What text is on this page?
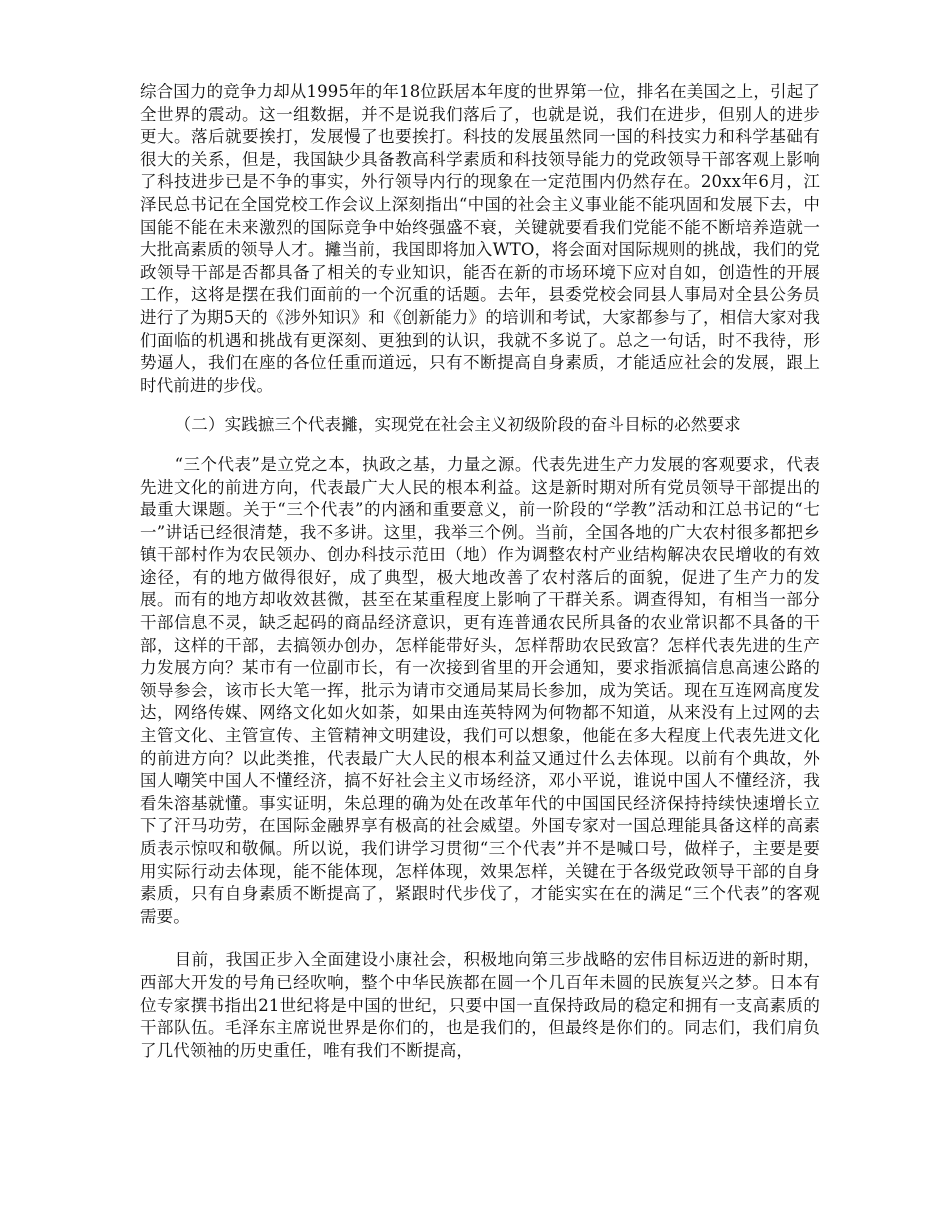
综合国力的竞争力却从1995年的年18位跃居本年度的世界第一位，排名在美国之上，引起了全世界的震动。这一组数据，并不是说我们落后了，也就是说，我们在进步，但别人的进步更大。落后就要挨打，发展慢了也要挨打。科技的发展虽然同一国的科技实力和科学基础有很大的关系，但是，我国缺少具备教高科学素质和科技领导能力的党政领导干部客观上影响了科技进步已是不争的事实，外行领导内行的现象在一定范围内仍然存在。20xx年6月，江泽民总书记在全国党校工作会议上深刻指出“中国的社会主义事业能不能巩固和发展下去，中国能不能在未来激烈的国际竞争中始终强盛不衰，关键就要看我们党能不能不断培养造就一大批高素质的领导人才。攡当前，我国即将加入WTO，将会面对国际规则的挑战，我们的党政领导干部是否都具备了相关的专业知识，能否在新的市场环境下应对自如，创造性的开展工作，这将是摆在我们面前的一个沉重的话题。去年，县委党校会同县人事局对全县公务员进行了为期5天的《涉外知识》和《创新能力》的培训和考试，大家都参与了，相信大家对我们面临的机遇和挑战有更深刻、更独到的认识，我就不多说了。总之一句话，时不我待，形势逼人，我们在座的各位任重而道远，只有不断提高自身素质，才能适应社会的发展，跟上时代前进的步伐。

（二）实践摭三个代表攡，实现党在社会主义初级阶段的奋斗目标的必然要求

“三个代表”是立党之本，执政之基，力量之源。代表先进生产力发展的客观要求，代表先进文化的前进方向，代表最广大人民的根本利益。这是新时期对所有党员领导干部提出的最重大课题。关于“三个代表”的内涵和重要意义，前一阶段的“学教”活动和江总书记的“七一”讲话已经很清楚，我不多讲。这里，我举三个例。当前，全国各地的广大农村很多都把乡镇干部村作为农民领办、创办科技示范田（地）作为调整农村产业结构解决农民增收的有效途径，有的地方做得很好，成了典型，极大地改善了农村落后的面貌，促进了生产力的发展。而有的地方却收效甚微，甚至在某重程度上影响了干群关系。调查得知，有相当一部分干部信息不灵，缺乏起码的商品经济意识，更有连普通农民所具备的农业常识都不具备的干部，这样的干部，去搞领办创办，怎样能带好头，怎样帮助农民致富？怎样代表先进的生产力发展方向？某市有一位副市长，有一次接到省里的开会通知，要求指派搞信息高速公路的领导参会，该市长大笔一挥，批示为请市交通局某局长参加，成为笑话。现在互连网高度发达，网络传媒、网络文化如火如荼，如果由连英特网为何物都不知道，从来没有上过网的去主管文化、主管宣传、主管精神文明建设，我们可以想象，他能在多大程度上代表先进文化的前进方向？以此类推，代表最广大人民的根本利益又通过什么去体现。以前有个典故，外国人嘲笑中国人不懂经济，搞不好社会主义市场经济，邓小平说，谁说中国人不懂经济，我看朱溶基就懂。事实证明，朱总理的确为处在改革年代的中国国民经济保持持续快速增长立下了汗马功劳，在国际金融界享有极高的社会威望。外国专家对一国总理能具备这样的高素质表示惊叹和敬佩。所以说，我们讲学习贯彻“三个代表”并不是喊口号，做样子，主要是要用实际行动去体现，能不能体现，怎样体现，效果怎样，关键在于各级党政领导干部的自身素质，只有自身素质不断提高了，紧跟时代步伐了，才能实实在在的满足“三个代表”的客观需要。

目前，我国正步入全面建设小康社会，积极地向第三步战略的宏伟目标迈进的新时期，西部大开发的号角已经吹响，整个中华民族都在圆一个几百年未圆的民族复兴之梦。日本有位专家撰书指出21世纪将是中国的世纪，只要中国一直保持政局的稳定和拥有一支高素质的干部队伍。毛泽东主席说世界是你们的，也是我们的，但最终是你们的。同志们，我们肩负了几代领袖的历史重任，唯有我们不断提高，
